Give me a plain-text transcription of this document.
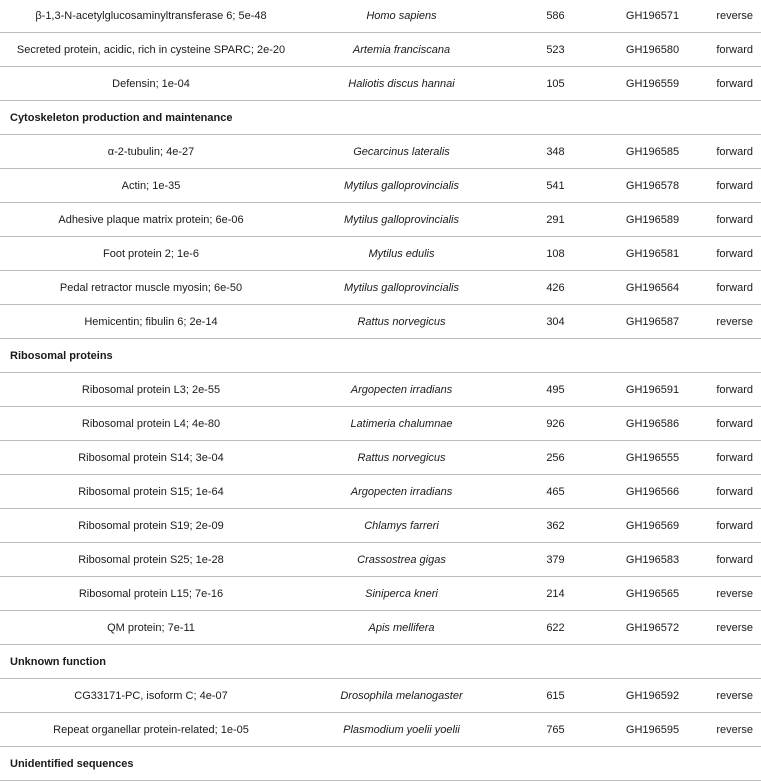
β-1,3-N-acetylglucosaminyltransferase 6; 5e-48	Homo sapiens	586	GH196571	reverse
Secreted protein, acidic, rich in cysteine SPARC; 2e-20	Artemia franciscana	523	GH196580	forward
Defensin; 1e-04	Haliotis discus hannai	105	GH196559	forward
Cytoskeleton production and maintenance				
α-2-tubulin; 4e-27	Gecarcinus lateralis	348	GH196585	forward
Actin; 1e-35	Mytilus galloprovincialis	541	GH196578	forward
Adhesive plaque matrix protein; 6e-06	Mytilus galloprovincialis	291	GH196589	forward
Foot protein 2; 1e-6	Mytilus edulis	108	GH196581	forward
Pedal retractor muscle myosin; 6e-50	Mytilus galloprovincialis	426	GH196564	forward
Hemicentin; fibulin 6; 2e-14	Rattus norvegicus	304	GH196587	reverse
Ribosomal proteins				
Ribosomal protein L3; 2e-55	Argopecten irradians	495	GH196591	forward
Ribosomal protein L4; 4e-80	Latimeria chalumnae	926	GH196586	forward
Ribosomal protein S14; 3e-04	Rattus norvegicus	256	GH196555	forward
Ribosomal protein S15; 1e-64	Argopecten irradians	465	GH196566	forward
Ribosomal protein S19; 2e-09	Chlamys farreri	362	GH196569	forward
Ribosomal protein S25; 1e-28	Crassostrea gigas	379	GH196583	forward
Ribosomal protein L15; 7e-16	Siniperca kneri	214	GH196565	reverse
QM protein; 7e-11	Apis mellifera	622	GH196572	reverse
Unknown function				
CG33171-PC, isoform C; 4e-07	Drosophila melanogaster	615	GH196592	reverse
Repeat organellar protein-related; 1e-05	Plasmodium yoelii yoelii	765	GH196595	reverse
Unidentified sequences				
